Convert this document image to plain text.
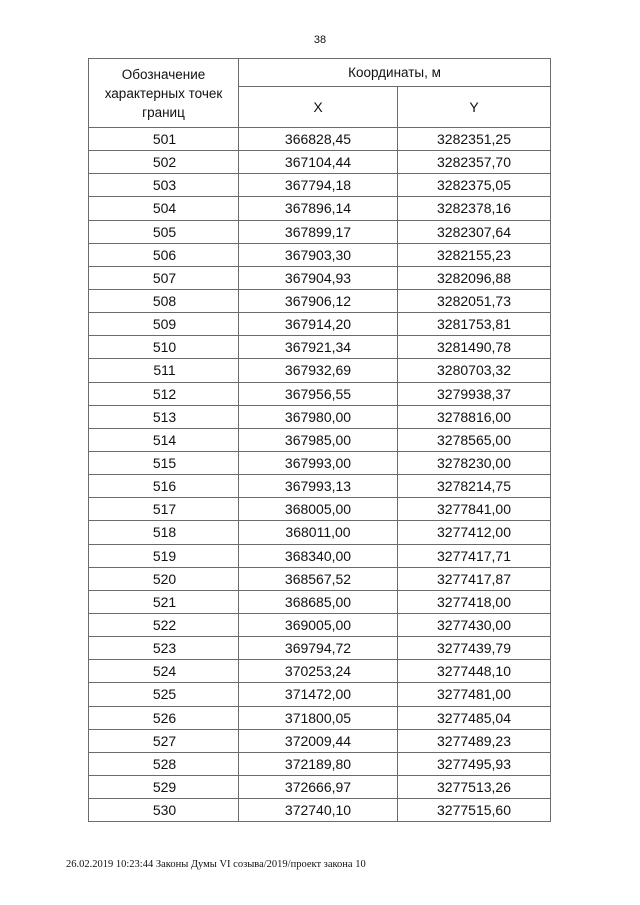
38
Обозначение характерных точек границ	Координаты, м	
	X	Y
501	366828,45	3282351,25
502	367104,44	3282357,70
503	367794,18	3282375,05
504	367896,14	3282378,16
505	367899,17	3282307,64
506	367903,30	3282155,23
507	367904,93	3282096,88
508	367906,12	3282051,73
509	367914,20	3281753,81
510	367921,34	3281490,78
511	367932,69	3280703,32
512	367956,55	3279938,37
513	367980,00	3278816,00
514	367985,00	3278565,00
515	367993,00	3278230,00
516	367993,13	3278214,75
517	368005,00	3277841,00
518	368011,00	3277412,00
519	368340,00	3277417,71
520	368567,52	3277417,87
521	368685,00	3277418,00
522	369005,00	3277430,00
523	369794,72	3277439,79
524	370253,24	3277448,10
525	371472,00	3277481,00
526	371800,05	3277485,04
527	372009,44	3277489,23
528	372189,80	3277495,93
529	372666,97	3277513,26
530	372740,10	3277515,60
26.02.2019 10:23:44 Законы Думы VI созыва/2019/проект закона 10
